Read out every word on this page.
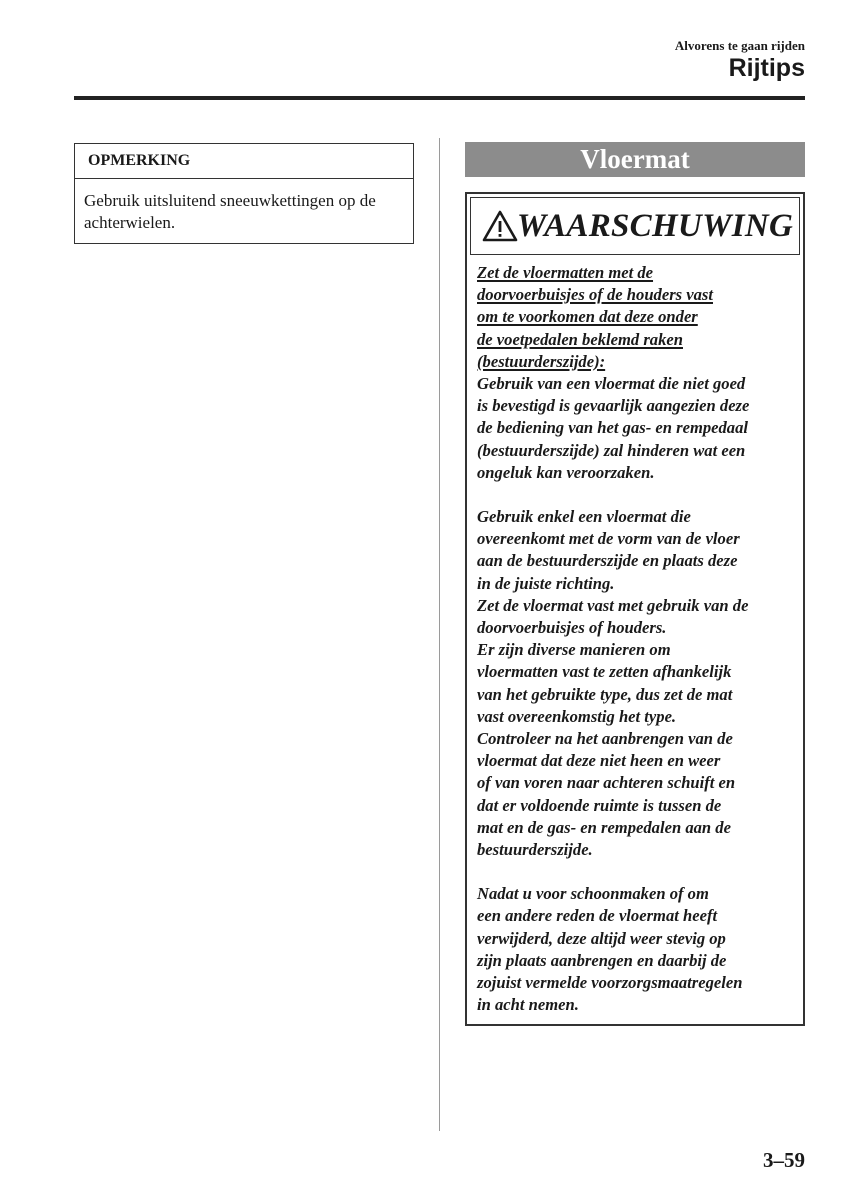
Alvorens te gaan rijden
Rijtips
OPMERKING
Gebruik uitsluitend sneeuwkettingen op de achterwielen.
Vloermat
WAARSCHUWING
Zet de vloermatten met de
doorvoerbuisjes of de houders vast
om te voorkomen dat deze onder
de voetpedalen beklemd raken
(bestuurderszijde):
Gebruik van een vloermat die niet goed
is bevestigd is gevaarlijk aangezien deze
de bediening van het gas- en rempedaal
(bestuurderszijde) zal hinderen wat een
ongeluk kan veroorzaken.
Gebruik enkel een vloermat die
overeenkomt met de vorm van de vloer
aan de bestuurderszijde en plaats deze
in de juiste richting.
Zet de vloermat vast met gebruik van de
doorvoerbuisjes of houders.
Er zijn diverse manieren om
vloermatten vast te zetten afhankelijk
van het gebruikte type, dus zet de mat
vast overeenkomstig het type.
Controleer na het aanbrengen van de
vloermat dat deze niet heen en weer
of van voren naar achteren schuift en
dat er voldoende ruimte is tussen de
mat en de gas- en rempedalen aan de
bestuurderszijde.
Nadat u voor schoonmaken of om
een andere reden de vloermat heeft
verwijderd, deze altijd weer stevig op
zijn plaats aanbrengen en daarbij de
zojuist vermelde voorzorgsmaatregelen
in acht nemen.
3–59
